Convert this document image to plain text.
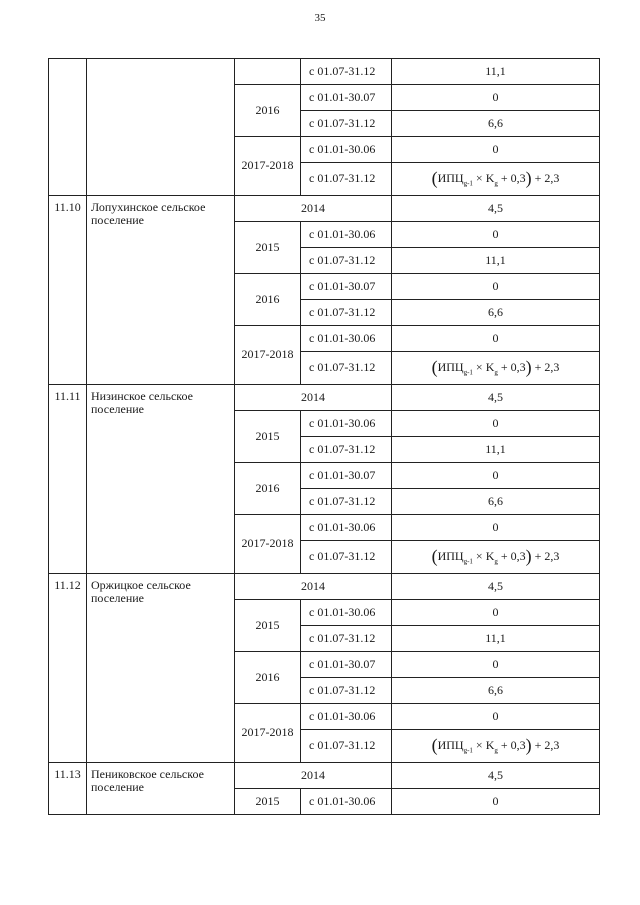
35
			с 01.07-31.12	11,1
		2016	с 01.01-30.07	0
			с 01.07-31.12	6,6
		2017-2018	с 01.01-30.06	0
			с 01.07-31.12	$(ИПЦ_{g-1} \times K_g + 0,3) + 2,3$
11.10	Лопухинское сельское поселение	2014		4,5
		2015	с 01.01-30.06	0
			с 01.07-31.12	11,1
		2016	с 01.01-30.07	0
			с 01.07-31.12	6,6
		2017-2018	с 01.01-30.06	0
			с 01.07-31.12	$(ИПЦ_{g-1} \times K_g + 0,3) + 2,3$
11.11	Низинское сельское поселение	2014		4,5
		2015	с 01.01-30.06	0
			с 01.07-31.12	11,1
		2016	с 01.01-30.07	0
			с 01.07-31.12	6,6
		2017-2018	с 01.01-30.06	0
			с 01.07-31.12	$(ИПЦ_{g-1} \times K_g + 0,3) + 2,3$
11.12	Оржицкое сельское поселение	2014		4,5
		2015	с 01.01-30.06	0
			с 01.07-31.12	11,1
		2016	с 01.01-30.07	0
			с 01.07-31.12	6,6
		2017-2018	с 01.01-30.06	0
			с 01.07-31.12	$(ИПЦ_{g-1} \times K_g + 0,3) + 2,3$
11.13	Пениковское сельское поселение	2014		4,5
		2015	с 01.01-30.06	0
